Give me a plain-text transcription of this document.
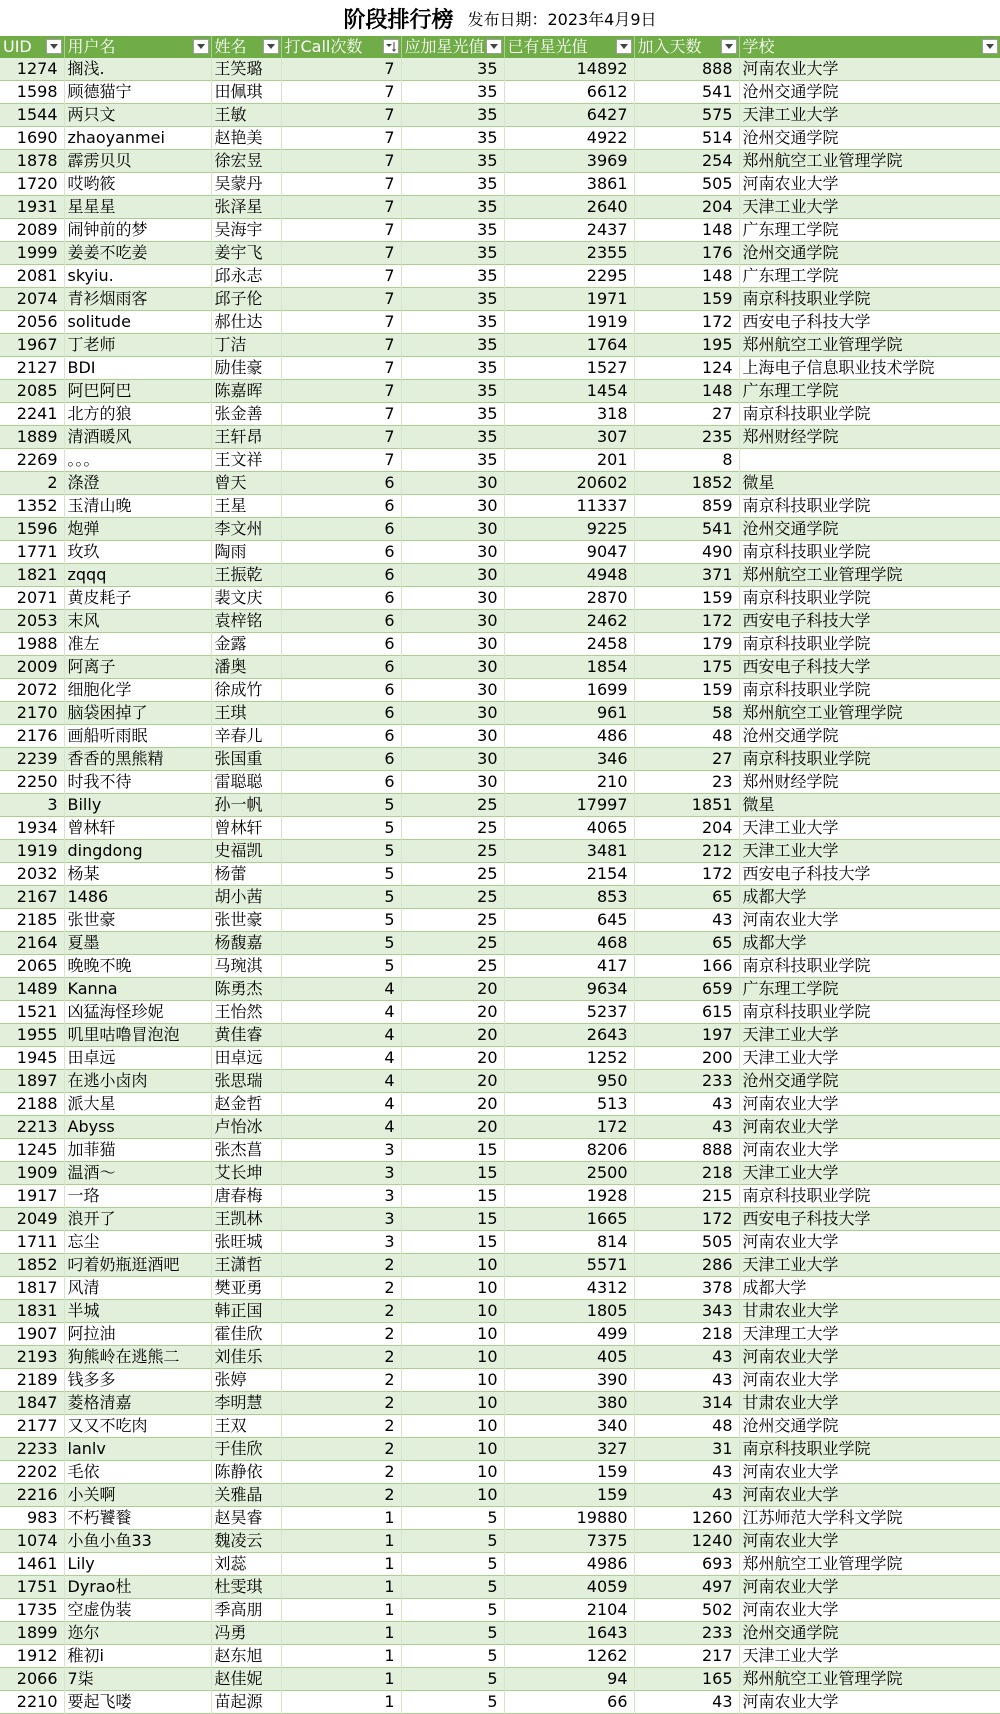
阶段排行榜 发布日期：2023年4月9日
UID	用户名	姓名	打Call次数	应加星光值	已有星光值	加入天数	学校

1274	搁浅.	王笑璐	7	35	14892	888	河南农业大学
1598	顾德猫宁	田佩琪	7	35	6612	541	沧州交通学院
1544	两只文	王敏	7	35	6427	575	天津工业大学
1690	zhaoyanmei	赵艳美	7	35	4922	514	沧州交通学院
1878	霹雳贝贝	徐宏昱	7	35	3969	254	郑州航空工业管理学院
1720	哎哟筱	吴蒙丹	7	35	3861	505	河南农业大学
1931	星星星	张泽星	7	35	2640	204	天津工业大学
2089	闹钟前的梦	吴海宇	7	35	2437	148	广东理工学院
1999	姜姜不吃姜	姜宇飞	7	35	2355	176	沧州交通学院
2081	skyiu.	邱永志	7	35	2295	148	广东理工学院
2074	青衫烟雨客	邱子伦	7	35	1971	159	南京科技职业学院
2056	solitude	郝仕达	7	35	1919	172	西安电子科技大学
1967	丁老师	丁洁	7	35	1764	195	郑州航空工业管理学院
2127	BDI	励佳豪	7	35	1527	124	上海电子信息职业技术学院
2085	阿巴阿巴	陈嘉晖	7	35	1454	148	广东理工学院
2241	北方的狼	张金善	7	35	318	27	南京科技职业学院
1889	清酒暖风	王轩昂	7	35	307	235	郑州财经学院
2269	。。。	王文祥	7	35	201	8	
2	涤澄	曾天	6	30	20602	1852	微星
1352	玉清山晚	王星	6	30	11337	859	南京科技职业学院
1596	炮弹	李文州	6	30	9225	541	沧州交通学院
1771	玫玖	陶雨	6	30	9047	490	南京科技职业学院
1821	zqqq	王振乾	6	30	4948	371	郑州航空工业管理学院
2071	黄皮耗子	裴文庆	6	30	2870	159	南京科技职业学院
2053	末风	袁梓铭	6	30	2462	172	西安电子科技大学
1988	准左	金露	6	30	2458	179	南京科技职业学院
2009	阿离子	潘奥	6	30	1854	175	西安电子科技大学
2072	细胞化学	徐成竹	6	30	1699	159	南京科技职业学院
2170	脑袋困掉了	王琪	6	30	961	58	郑州航空工业管理学院
2176	画船听雨眠	辛春儿	6	30	486	48	沧州交通学院
2239	香香的黑熊精	张国重	6	30	346	27	南京科技职业学院
2250	时我不待	雷聪聪	6	30	210	23	郑州财经学院
3	Billy	孙一帆	5	25	17997	1851	微星
1934	曾林轩	曾林轩	5	25	4065	204	天津工业大学
1919	dingdong	史福凯	5	25	3481	212	天津工业大学
2032	杨某	杨蕾	5	25	2154	172	西安电子科技大学
2167	1486	胡小茜	5	25	853	65	成都大学
2185	张世豪	张世豪	5	25	645	43	河南农业大学
2164	夏墨	杨馥嘉	5	25	468	65	成都大学
2065	晚晚不晚	马琬淇	5	25	417	166	南京科技职业学院
1489	Kanna	陈勇杰	4	20	9634	659	广东理工学院
1521	凶猛海怪珍妮	王怡然	4	20	5237	615	南京科技职业学院
1955	叽里咕噜冒泡泡	黄佳睿	4	20	2643	197	天津工业大学
1945	田卓远	田卓远	4	20	1252	200	天津工业大学
1897	在逃小卤肉	张思瑞	4	20	950	233	沧州交通学院
2188	派大星	赵金哲	4	20	513	43	河南农业大学
2213	Abyss	卢怡冰	4	20	172	43	河南农业大学
1245	加菲猫	张杰菖	3	15	8206	888	河南农业大学
1909	温酒～	艾长坤	3	15	2500	218	天津工业大学
1917	一珞	唐春梅	3	15	1928	215	南京科技职业学院
2049	浪开了	王凯林	3	15	1665	172	西安电子科技大学
1711	忘尘	张旺城	3	15	814	505	河南农业大学
1852	叼着奶瓶逛酒吧	王潇哲	2	10	5571	286	天津工业大学
1817	风清	樊亚勇	2	10	4312	378	成都大学
1831	半城	韩正国	2	10	1805	343	甘肃农业大学
1907	阿拉油	霍佳欣	2	10	499	218	天津理工大学
2193	狗熊岭在逃熊二	刘佳乐	2	10	405	43	河南农业大学
2189	钱多多	张婷	2	10	390	43	河南农业大学
1847	菱格清嘉	李明慧	2	10	380	314	甘肃农业大学
2177	又又不吃肉	王双	2	10	340	48	沧州交通学院
2233	lanlv	于佳欣	2	10	327	31	南京科技职业学院
2202	毛依	陈静依	2	10	159	43	河南农业大学
2216	小关啊	关雅晶	2	10	159	43	河南农业大学
983	不朽饕餮	赵昊睿	1	5	19880	1260	江苏师范大学科文学院
1074	小鱼小鱼33	魏凌云	1	5	7375	1240	河南农业大学
1461	Lily	刘蕊	1	5	4986	693	郑州航空工业管理学院
1751	Dyrao杜	杜雯琪	1	5	4059	497	河南农业大学
1735	空虚伪装	季高朋	1	5	2104	502	河南农业大学
1899	迩尔	冯勇	1	5	1643	233	沧州交通学院
1912	稚初i	赵东旭	1	5	1262	217	天津工业大学
2066	7柒	赵佳妮	1	5	94	165	郑州航空工业管理学院
2210	要起飞喽	苗起源	1	5	66	43	河南农业大学
